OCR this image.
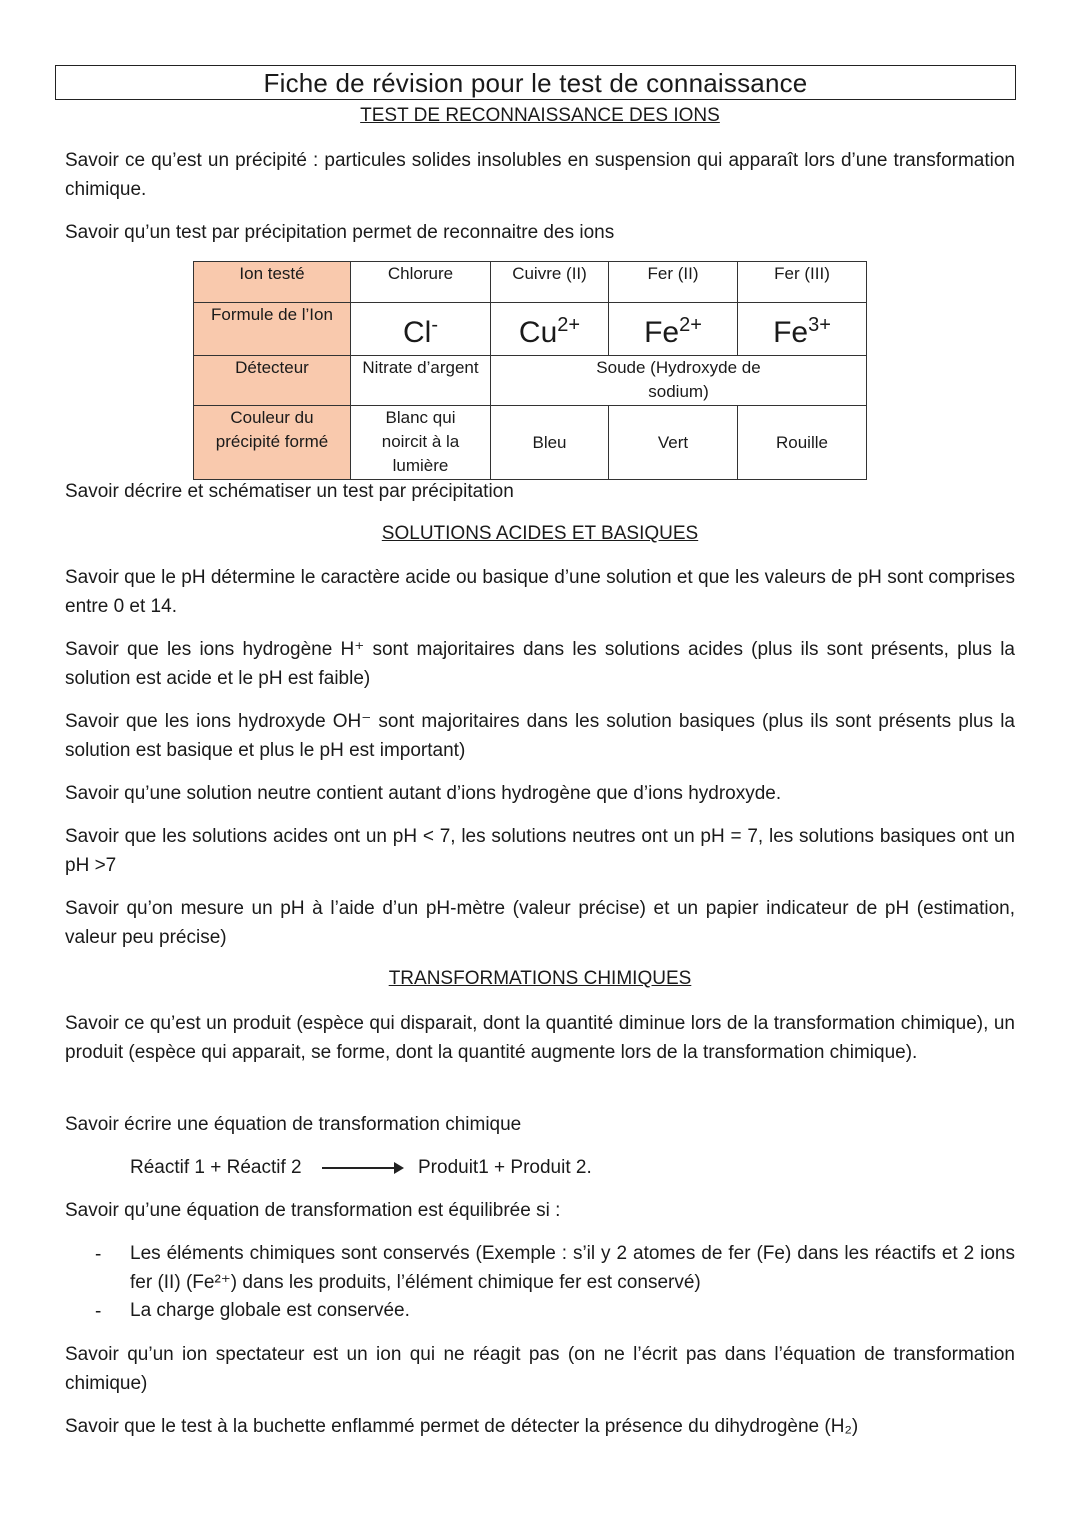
Fiche de révision pour le test de connaissance
TEST DE RECONNAISSANCE DES IONS

Savoir ce qu’est un précipité : particules solides insolubles en suspension qui apparaît lors d’une transformation chimique.

Savoir qu’un test par précipitation permet de reconnaitre des ions

Ion testé	Chlorure	Cuivre (II)	Fer (II)	Fer (III)
Formule de l’Ion	Cl-	$Cu^{2+}$	$Fe^{2+}$	$Fe^{3+}$
Détecteur	Nitrate d’argent	Soude (Hydroxyde de sodium)		
Couleur du précipité formé	Blanc qui noircit à la lumière	Bleu	Vert	Rouille

Savoir décrire et schématiser un test par précipitation

SOLUTIONS ACIDES ET BASIQUES

Savoir que le pH détermine le caractère acide ou basique d’une solution et que les valeurs de pH sont comprises entre 0 et 14.

Savoir que les ions hydrogène H⁺ sont majoritaires dans les solutions acides (plus ils sont présents, plus la solution est acide et le pH est faible)

Savoir que les ions hydroxyde OH⁻ sont majoritaires dans les solution basiques (plus ils sont présents plus la solution est basique et plus le pH est important)

Savoir qu’une solution neutre contient autant d’ions hydrogène que d’ions hydroxyde.

Savoir que les solutions acides ont un pH < 7, les solutions neutres ont un pH = 7, les solutions basiques ont un pH >7

Savoir qu’on mesure un pH à l’aide d’un pH-mètre (valeur précise) et un papier indicateur de pH (estimation, valeur peu précise)

TRANSFORMATIONS CHIMIQUES

Savoir ce qu’est un produit (espèce qui disparait, dont la quantité diminue lors de la transformation chimique), un produit (espèce qui apparait, se forme, dont la quantité augmente lors de la transformation chimique).

Savoir écrire une équation de transformation chimique

Réactif 1 + Réactif 2	Produit1 + Produit 2.

Savoir qu’une équation de transformation est équilibrée si :

- Les éléments chimiques sont conservés (Exemple : s’il y 2 atomes de fer (Fe) dans les réactifs et 2 ions fer (II) (Fe²⁺) dans les produits, l’élément chimique fer est conservé)

- La charge globale est conservée.

Savoir qu’un ion spectateur est un ion qui ne réagit pas (on ne l’écrit pas dans l’équation de transformation chimique)

Savoir que le test à la buchette enflammé permet de détecter la présence du dihydrogène (H₂)
